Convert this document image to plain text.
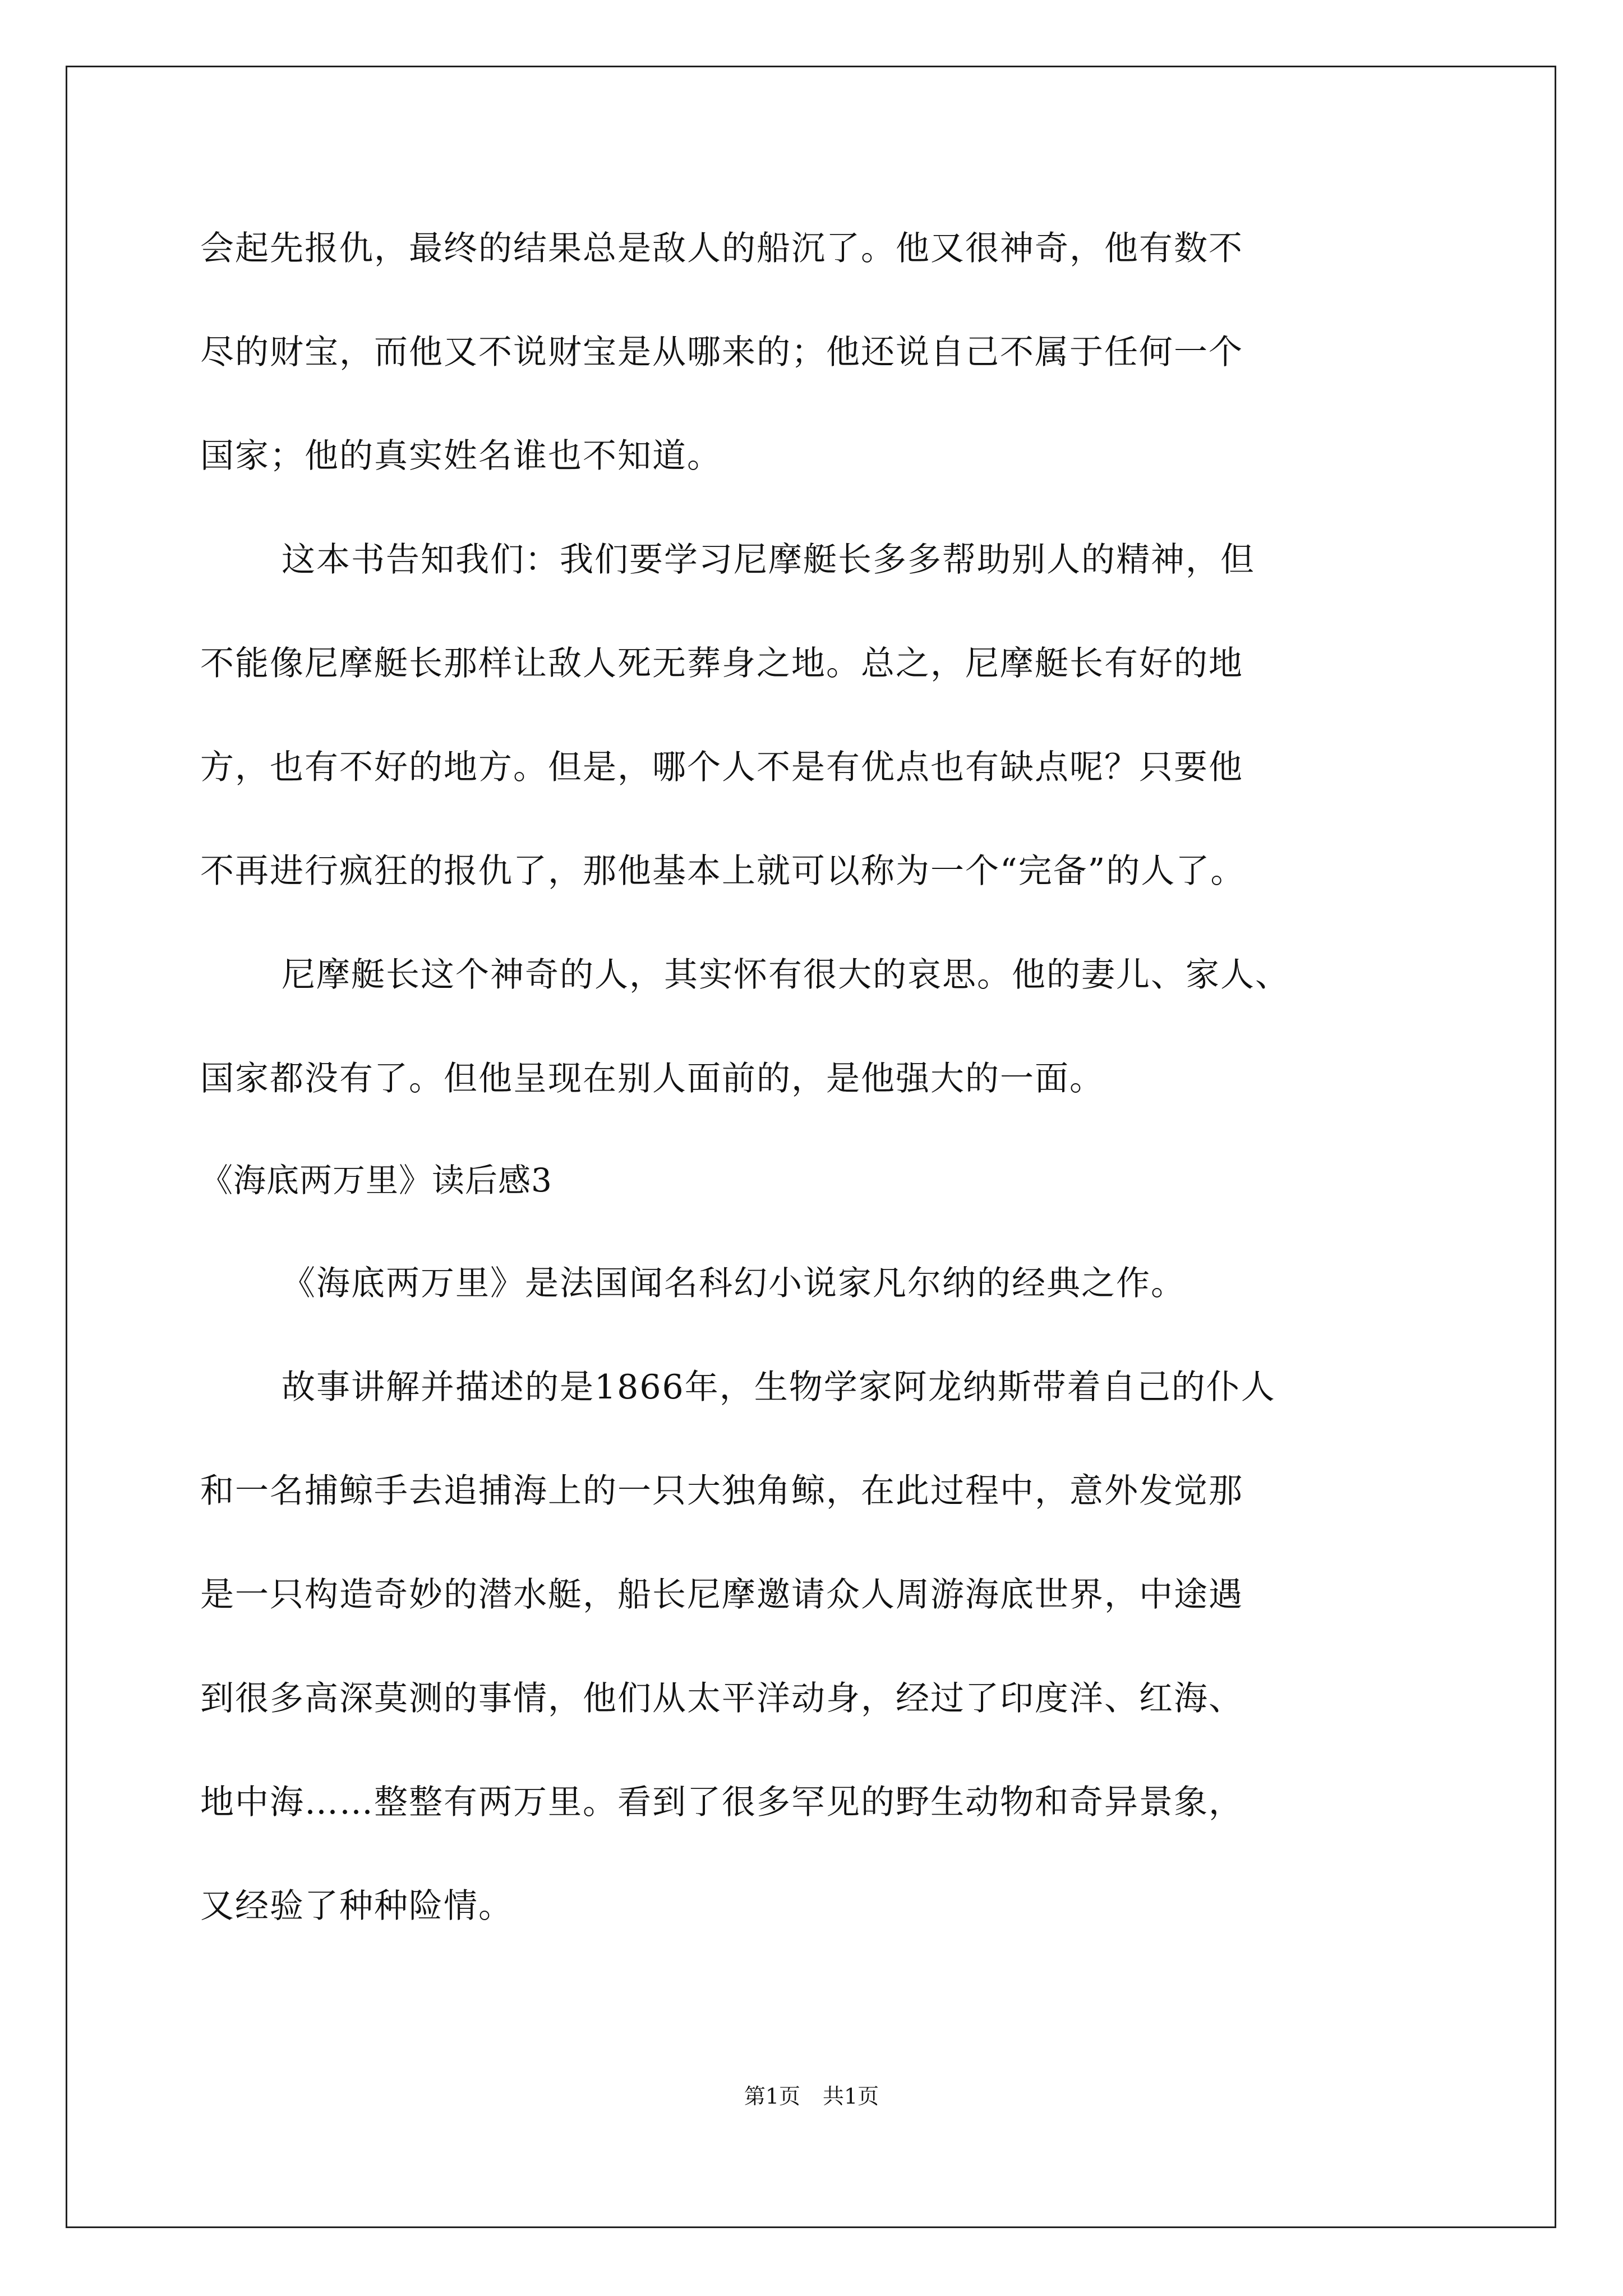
会起先报仇，最终的结果总是敌人的船沉了。他又很神奇，他有数不
尽的财宝，而他又不说财宝是从哪来的；他还说自己不属于任何一个
国家；他的真实姓名谁也不知道。
这本书告知我们：我们要学习尼摩艇长多多帮助别人的精神，但
不能像尼摩艇长那样让敌人死无葬身之地。总之，尼摩艇长有好的地
方，也有不好的地方。但是，哪个人不是有优点也有缺点呢？只要他
不再进行疯狂的报仇了，那他基本上就可以称为一个“完备”的人了。
尼摩艇长这个神奇的人，其实怀有很大的哀思。他的妻儿、家人、
国家都没有了。但他呈现在别人面前的，是他强大的一面。
《海底两万里》读后感3
《海底两万里》是法国闻名科幻小说家凡尔纳的经典之作。
故事讲解并描述的是1866年，生物学家阿龙纳斯带着自己的仆人
和一名捕鲸手去追捕海上的一只大独角鲸，在此过程中，意外发觉那
是一只构造奇妙的潜水艇，船长尼摩邀请众人周游海底世界，中途遇
到很多高深莫测的事情，他们从太平洋动身，经过了印度洋、红海、
地中海……整整有两万里。看到了很多罕见的野生动物和奇异景象，
又经验了种种险情。
第1页 共1页
